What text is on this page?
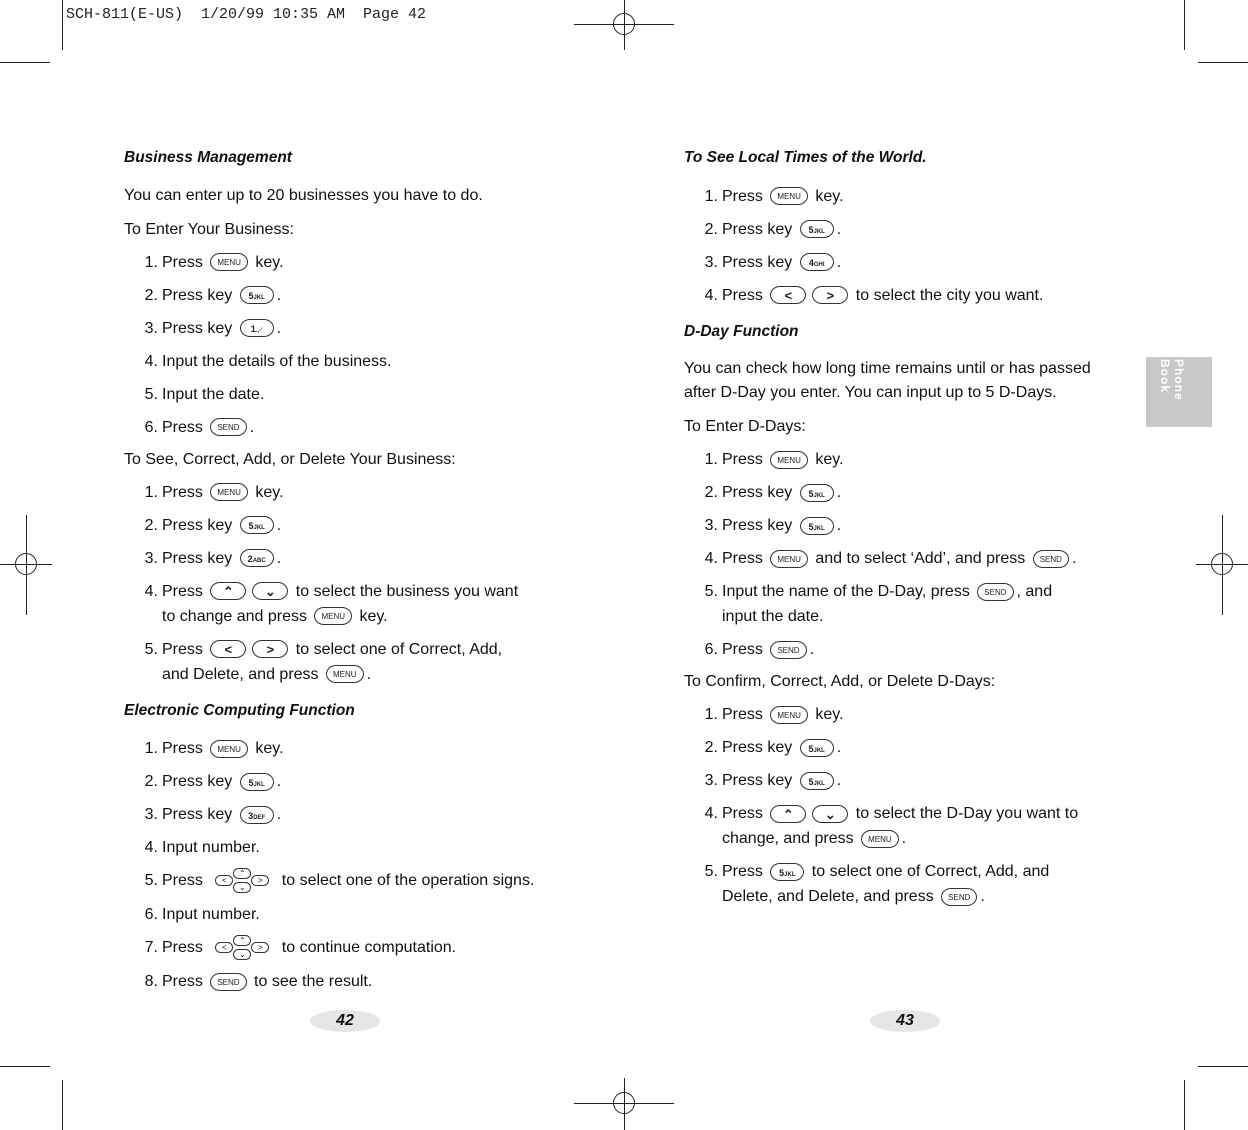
SCH-811(E-US)  1/20/99 10:35 AM  Page 42
Phone Book
Business Management
You can enter up to 20 businesses you have to do.
To Enter Your Business:
1. Press MENU key.
2. Press key 5JKL .
3. Press key 1.,-' .
4. Input the details of the business.
5. Input the date.
6. Press SEND .
To See, Correct, Add, or Delete Your Business:
1. Press MENU key.
2. Press key 5JKL .
3. Press key 2ABC .
4. Press ⌃ ⌄ to select the business you want
to change and press MENU key.
5. Press <	> to select one of Correct, Add,
and Delete, and press MENU .
Electronic Computing Function
1. Press MENU key.
2. Press key 5JKL .
3. Press key 3DEF .
4. Input number.
5. Press	⌃
<	>
⌄	to select one of the operation signs.
6. Input number.
7. Press	⌃
<	>
⌄	to continue computation.
8. Press SEND to see the result.
42
To See Local Times of the World.
1. Press MENU key.
2. Press key 5JKL .
3. Press key 4GHI .
4. Press <	> to select the city you want.
D-Day Function
You can check how long time remains until or has passed after D-Day you enter. You can input up to 5 D-Days.
To Enter D-Days:
1. Press MENU key.
2. Press key 5JKL .
3. Press key 5JKL .
4. Press MENU and to select ‘Add’, and press SEND .
5. Input the name of the D-Day, press SEND , and
input the date.
6. Press SEND .
To Confirm, Correct, Add, or Delete D-Days:
1. Press MENU key.
2. Press key 5JKL .
3. Press key 5JKL .
4. Press ⌃ ⌄ to select the D-Day you want to
change, and press MENU .
5. Press 5JKL to select one of Correct, Add, and
Delete, and Delete, and press SEND .
43
